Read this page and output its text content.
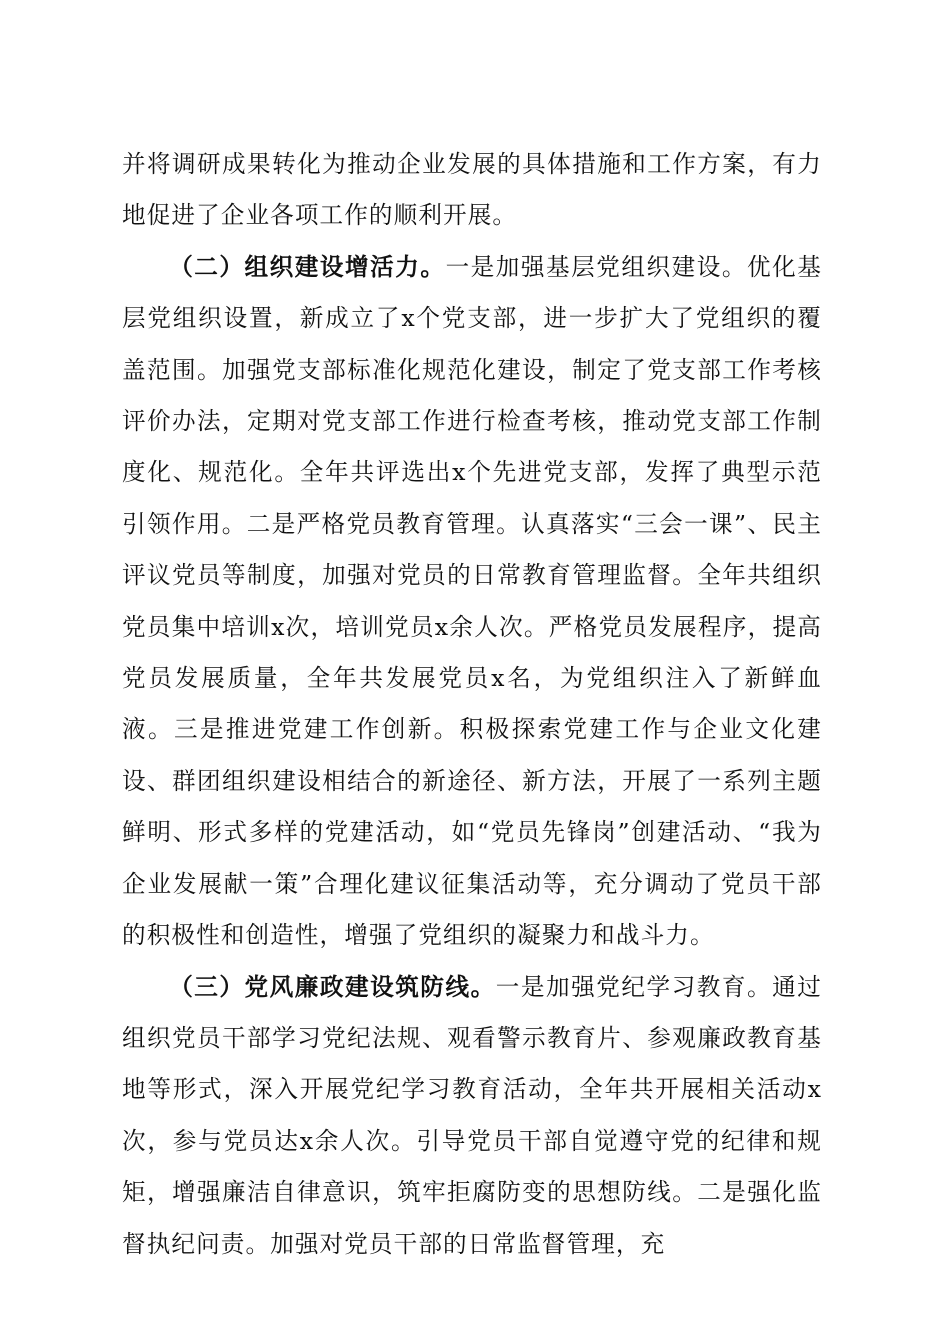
并将调研成果转化为推动企业发展的具体措施和工作方案，有力地促进了企业各项工作的顺利开展。

（二）组织建设增活力。一是加强基层党组织建设。优化基层党组织设置，新成立了x个党支部，进一步扩大了党组织的覆盖范围。加强党支部标准化规范化建设，制定了党支部工作考核评价办法，定期对党支部工作进行检查考核，推动党支部工作制度化、规范化。全年共评选出x个先进党支部，发挥了典型示范引领作用。二是严格党员教育管理。认真落实“三会一课”、民主评议党员等制度，加强对党员的日常教育管理监督。全年共组织党员集中培训x次，培训党员x余人次。严格党员发展程序，提高党员发展质量，全年共发展党员x名，为党组织注入了新鲜血液。三是推进党建工作创新。积极探索党建工作与企业文化建设、群团组织建设相结合的新途径、新方法，开展了一系列主题鲜明、形式多样的党建活动，如“党员先锋岗”创建活动、“我为企业发展献一策”合理化建议征集活动等，充分调动了党员干部的积极性和创造性，增强了党组织的凝聚力和战斗力。

（三）党风廉政建设筑防线。一是加强党纪学习教育。通过组织党员干部学习党纪法规、观看警示教育片、参观廉政教育基地等形式，深入开展党纪学习教育活动，全年共开展相关活动x次，参与党员达x余人次。引导党员干部自觉遵守党的纪律和规矩，增强廉洁自律意识，筑牢拒腐防变的思想防线。二是强化监督执纪问责。加强对党员干部的日常监督管理，充
